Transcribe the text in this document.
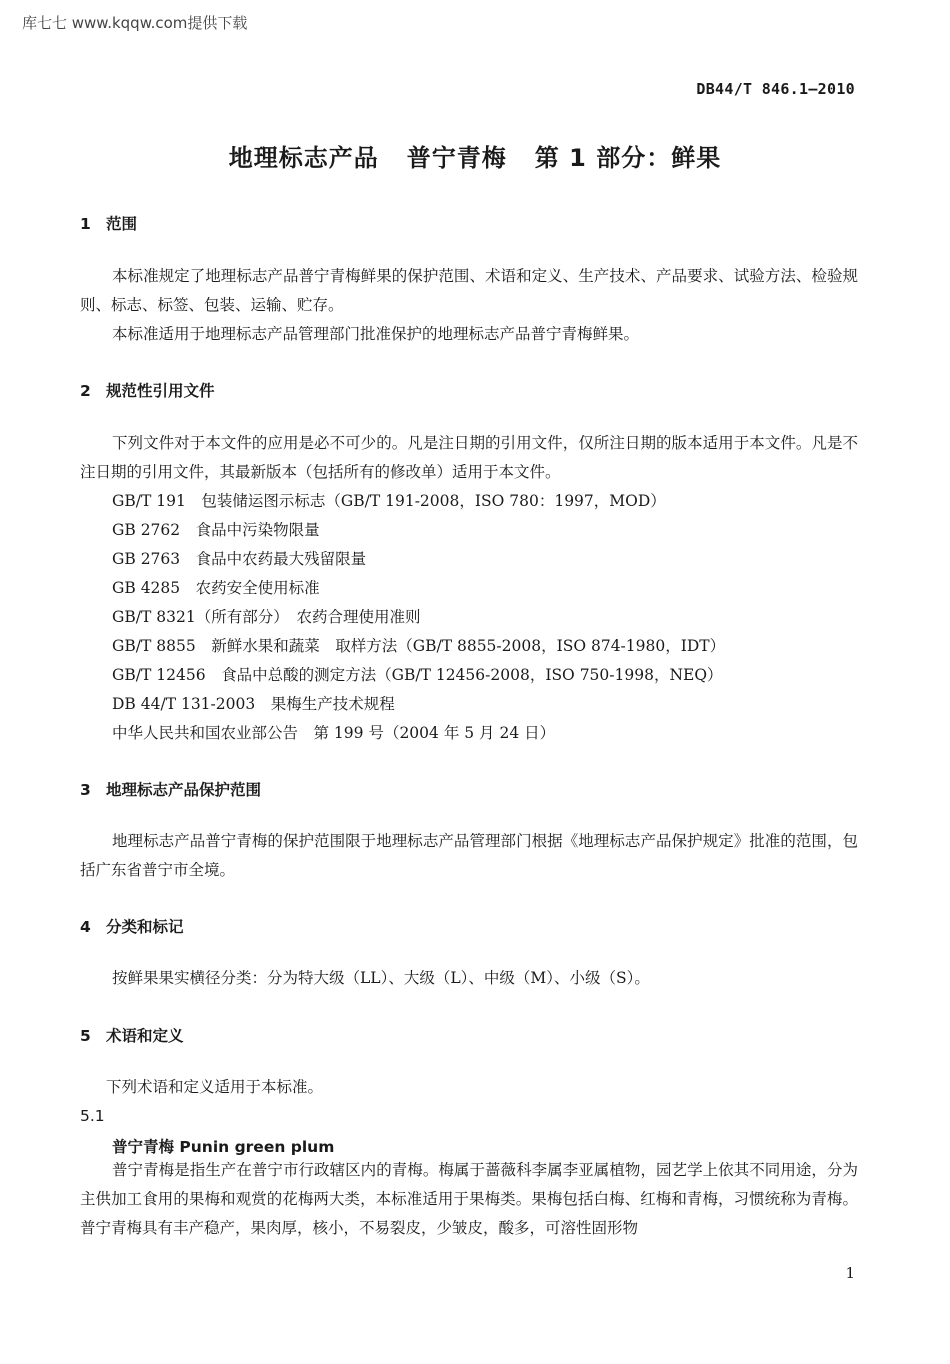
库七七 www.kqqw.com提供下载
DB44/T 846.1—2010
地理标志产品 普宁青梅 第 1 部分：鲜果
1 范围
本标准规定了地理标志产品普宁青梅鲜果的保护范围、术语和定义、生产技术、产品要求、试验方法、检验规则、标志、标签、包装、运输、贮存。
本标准适用于地理标志产品管理部门批准保护的地理标志产品普宁青梅鲜果。
2 规范性引用文件
下列文件对于本文件的应用是必不可少的。凡是注日期的引用文件，仅所注日期的版本适用于本文件。凡是不注日期的引用文件，其最新版本（包括所有的修改单）适用于本文件。
GB/T 191　包装储运图示标志（GB/T 191-2008，ISO 780：1997，MOD）
GB 2762　食品中污染物限量
GB 2763　食品中农药最大残留限量
GB 4285　农药安全使用标准
GB/T 8321（所有部分）　农药合理使用准则
GB/T 8855　新鲜水果和蔬菜　取样方法（GB/T 8855-2008，ISO 874-1980，IDT）
GB/T 12456　食品中总酸的测定方法（GB/T 12456-2008，ISO 750-1998，NEQ）
DB 44/T 131-2003　果梅生产技术规程
中华人民共和国农业部公告　第 199 号（2004 年 5 月 24 日）
3 地理标志产品保护范围
地理标志产品普宁青梅的保护范围限于地理标志产品管理部门根据《地理标志产品保护规定》批准的范围，包括广东省普宁市全境。
4 分类和标记
按鲜果果实横径分类：分为特大级（LL）、大级（L）、中级（M）、小级（S）。
5 术语和定义
下列术语和定义适用于本标准。
5.1
普宁青梅 Punin green plum
普宁青梅是指生产在普宁市行政辖区内的青梅。梅属于蔷薇科李属李亚属植物，园艺学上依其不同用途，分为主供加工食用的果梅和观赏的花梅两大类，本标准适用于果梅类。果梅包括白梅、红梅和青梅，习惯统称为青梅。普宁青梅具有丰产稳产，果肉厚，核小，不易裂皮，少皱皮，酸多，可溶性固形物
1
